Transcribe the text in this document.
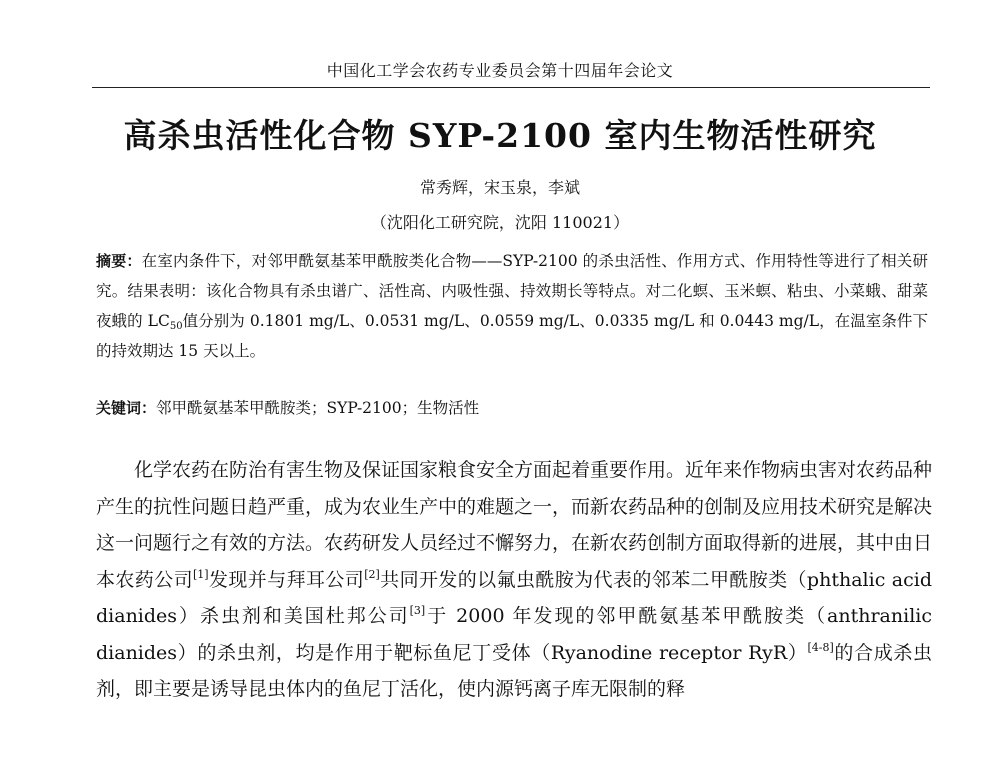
中国化工学会农药专业委员会第十四届年会论文
高杀虫活性化合物 SYP-2100 室内生物活性研究
常秀辉，宋玉泉，李斌
（沈阳化工研究院，沈阳 110021）
摘要：在室内条件下，对邻甲酰氨基苯甲酰胺类化合物——SYP-2100 的杀虫活性、作用方式、作用特性等进行了相关研究。结果表明：该化合物具有杀虫谱广、活性高、内吸性强、持效期长等特点。对二化螟、玉米螟、粘虫、小菜蛾、甜菜夜蛾的 $LC_{50}$值分别为 0.1801 mg/L、0.0531 mg/L、0.0559 mg/L、0.0335 mg/L 和 0.0443 mg/L，在温室条件下的持效期达 15 天以上。
关键词：邻甲酰氨基苯甲酰胺类；SYP-2100；生物活性
化学农药在防治有害生物及保证国家粮食安全方面起着重要作用。近年来作物病虫害对农药品种产生的抗性问题日趋严重，成为农业生产中的难题之一，而新农药品种的创制及应用技术研究是解决这一问题行之有效的方法。农药研发人员经过不懈努力，在新农药创制方面取得新的进展，其中由日本农药公司[1]发现并与拜耳公司[2]共同开发的以氟虫酰胺为代表的邻苯二甲酰胺类（phthalic acid dianides）杀虫剂和美国杜邦公司[3]于 2000 年发现的邻甲酰氨基苯甲酰胺类（anthranilic dianides）的杀虫剂，均是作用于靶标鱼尼丁受体（Ryanodine receptor RyR）[4-8]的合成杀虫剂，即主要是诱导昆虫体内的鱼尼丁活化，使内源钙离子库无限制的释
